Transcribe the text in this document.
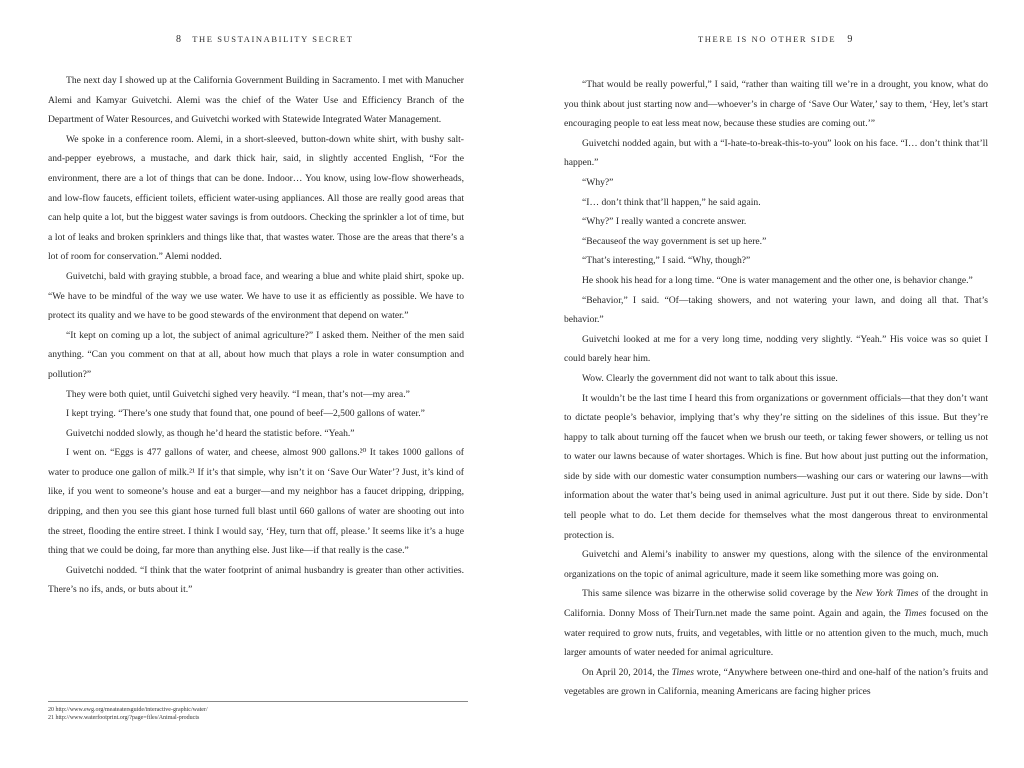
8 THE SUSTAINABILITY SECRET

The next day I showed up at the California Government Building in Sacramento. I met with Manucher Alemi and Kamyar Guivetchi. Alemi was the chief of the Water Use and Efficiency Branch of the Department of Water Resources, and Guivetchi worked with Statewide Integrated Water Management.

We spoke in a conference room. Alemi, in a short-sleeved, button-down white shirt, with bushy salt-and-pepper eyebrows, a mustache, and dark thick hair, said, in slightly accented English, “For the environment, there are a lot of things that can be done. Indoor… You know, using low-flow showerheads, and low-flow faucets, efficient toilets, efficient water-using appliances. All those are really good areas that can help quite a lot, but the biggest water savings is from outdoors. Checking the sprinkler a lot of time, but a lot of leaks and broken sprinklers and things like that, that wastes water. Those are the areas that there’s a lot of room for conservation.” Alemi nodded.

Guivetchi, bald with graying stubble, a broad face, and wearing a blue and white plaid shirt, spoke up. “We have to be mindful of the way we use water. We have to use it as efficiently as possible. We have to protect its quality and we have to be good stewards of the environment that depend on water.”

“It kept on coming up a lot, the subject of animal agriculture?” I asked them. Neither of the men said anything. “Can you comment on that at all, about how much that plays a role in water consumption and pollution?”

They were both quiet, until Guivetchi sighed very heavily. “I mean, that’s not—my area.”

I kept trying. “There’s one study that found that, one pound of beef—2,500 gallons of water.”

Guivetchi nodded slowly, as though he’d heard the statistic before. “Yeah.”

I went on. “Eggs is 477 gallons of water, and cheese, almost 900 gallons.²⁰ It takes 1000 gallons of water to produce one gallon of milk.²¹ If it’s that simple, why isn’t it on ‘Save Our Water’? Just, it’s kind of like, if you went to someone’s house and eat a burger—and my neighbor has a faucet dripping, dripping, dripping, and then you see this giant hose turned full blast until 660 gallons of water are shooting out into the street, flooding the entire street. I think I would say, ‘Hey, turn that off, please.’ It seems like it’s a huge thing that we could be doing, far more than anything else. Just like—if that really is the case.”

Guivetchi nodded. “I think that the water footprint of animal husbandry is greater than other activities. There’s no ifs, ands, or buts about it.”

20 http://www.ewg.org/meateatersguide/interactive-graphic/water/
21 http://www.waterfootprint.org/?page=files/Animal-products
THERE IS NO OTHER SIDE 9

“That would be really powerful,” I said, “rather than waiting till we’re in a drought, you know, what do you think about just starting now and—whoever’s in charge of ‘Save Our Water,’ say to them, ‘Hey, let’s start encouraging people to eat less meat now, because these studies are coming out.’”

Guivetchi nodded again, but with a “I-hate-to-break-this-to-you” look on his face. “I… don’t think that’ll happen.”

“Why?”

“I… don’t think that’ll happen,” he said again.

“Why?” I really wanted a concrete answer.

“Becauseof the way government is set up here.”

“That’s interesting,” I said. “Why, though?”

He shook his head for a long time. “One is water management and the other one, is behavior change.”

“Behavior,” I said. “Of—taking showers, and not watering your lawn, and doing all that. That’s behavior.”

Guivetchi looked at me for a very long time, nodding very slightly. “Yeah.” His voice was so quiet I could barely hear him.

Wow. Clearly the government did not want to talk about this issue.

It wouldn’t be the last time I heard this from organizations or government officials—that they don’t want to dictate people’s behavior, implying that’s why they’re sitting on the sidelines of this issue. But they’re happy to talk about turning off the faucet when we brush our teeth, or taking fewer showers, or telling us not to water our lawns because of water shortages. Which is fine. But how about just putting out the information, side by side with our domestic water consumption numbers—washing our cars or watering our lawns—with information about the water that’s being used in animal agriculture. Just put it out there. Side by side. Don’t tell people what to do. Let them decide for themselves what the most dangerous threat to environmental protection is.

Guivetchi and Alemi’s inability to answer my questions, along with the silence of the environmental organizations on the topic of animal agriculture, made it seem like something more was going on.

This same silence was bizarre in the otherwise solid coverage by the New York Times of the drought in California. Donny Moss of TheirTurn.net made the same point. Again and again, the Times focused on the water required to grow nuts, fruits, and vegetables, with little or no attention given to the much, much, much larger amounts of water needed for animal agriculture.

On April 20, 2014, the Times wrote, “Anywhere between one-third and one-half of the nation’s fruits and vegetables are grown in California, meaning Americans are facing higher prices
